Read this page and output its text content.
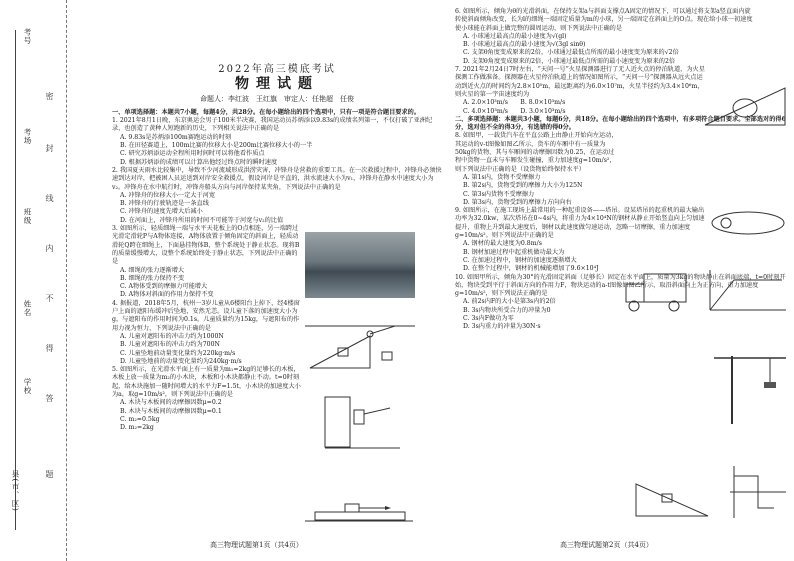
考号
考场
班级
姓名
学校
县(市、区)
密
封
线
内
不
得
答
题
2022年高三模底考试
物理试题
命题人：李红波　王红旗　审定人：任艳超　任俊

一、单项选择题：本题共7小题，每题4分，共28分。在每小题给出的四个选项中，只有一项是符合题目要求的。

1. 2021年8月1日晚，东京奥运会男子100米半决赛，我国运动员苏炳添以9.83s的成绩名列第一，不仅打破了亚洲纪录，也创造了黄种人短跑新的历史，下列相关说法中正确的是

A. 9.83s是苏炳添100m赛跑运动的时刻

B. 在田径赛道上，100m比赛的位移大小是200m比赛位移大小的一半

C. 研究苏炳添运动全程所用时间时可以将他看作质点

D. 根据苏炳添的成绩可以计算出他经过终点时的瞬时速度

2. 我国夏天雨水比较集中，导致不少河流域形成洪涝灾害，冲锋舟是营救的重要工具。在一次救援过程中，冲锋舟必须快速到达对岸，把被困人员运送到对岸安全救援点，假设河岸是平直的，洪水流速大小为v₁，冲锋舟在静水中速度大小为v₂。冲锋舟在水中航行时，冲锋舟船头方向与河岸保持某夹角，下列说法中正确的是

A. 冲锋舟的位移大小一定大于河宽

B. 冲锋舟的行驶轨迹是一条直线

C. 冲锋舟的速度先增大后减小

D. 在河面上，冲锋舟所用的时间不可能等于河宽与v₂的比值

3. 如图所示，轻质细绳一端与水平天花板上的O点相连，另一端跨过光滑定滑轮P与A物体连接，A物体放置于倾角固定的斜面上，轻质动滑轮Q跨在细绳上，下面悬挂物体B，整个系统处于静止状态。现将B的质量缓慢增大，设整个系统始终处于静止状态，下列说法中正确的是

A. 细绳的张力逐渐增大

B. 细绳的张力保持不变

C. A物体受到的摩擦力可能增大

D. A物体对斜面的作用力保持不变

4. 据报道，2018年5月，杭州一3岁儿童从6楼阳台上掉下，经4楼窗户上面的遮阳布缓冲后坠地，安然无恙。设儿童下落的加速度大小为g，与遮阳布的作用时间为0.1s，儿童质量约为15kg，与遮阳布的作用力视为恒力，下列说法中正确的是

A. 儿童对遮阳布的冲击力约为1000N

B. 儿童对遮阳布的冲击力约为700N

C. 儿童坠地前动量变化量约为220kg·m/s

D. 儿童坠地前的动量变化量约为240kg·m/s

5. 如图所示，在光滑水平面上有一质量为m₁=2kg的足够长的木板，木板上放一质量为m₂的小木块，木板和小木块都静止不动。t=0时刻起，给木块施加一随时间增大的水平力F=1.5t，小木块的加速度大小为a，取g=10m/s²，则下列说法中正确的是

A. 木块与木板间的动摩擦因数μ=0.2

B. 木块与木板间的动摩擦因数μ=0.1

C. m₂=0.5kg

D. m₂=2kg

6. 如图所示，倾角为θ的光滑斜面，在保持支架a与斜面支撑点A固定的情况下，可以通过将支架a竖直面内旋转使斜面倾角改变，长为l的细绳一端固定质量为m的小球，另一端固定在斜面上的O点。现在给小球一初速度使小球能在斜面上做完整的圆周运动，则下列说法中正确的是

A. 小球通过最高点的最小速度为√(gl)

B. 小球通过最高点的最小速度为√(3gl sinθ)

C. 支架θ角度变成原来的2倍，小球通过最低点所需的最小速度变为原来的√2倍

D. 支架θ角度变成原来的2倍，小球通过最低点所需的最小速度变为原来的2倍

7. 2021年2月24日7时左右，“天问一号”火星探测器进行了无人近火点的停泊轨道，为火星探测工作做准备。探测器在火星停泊轨道上的情况如图所示，“天问一号”探测器从远火点运动到近火点的时间约为2.8×10⁵m，最远距离约为6.0×10⁷m，火星半径约为3.4×10⁶m，则火星的第一宇宙速度约为

A. 2.0×10³m/s　　B. 8.0×10³m/s

C. 4.0×10³m/s　　D. 3.0×10³m/s

二、多项选择题：本题共3小题，每题6分，共18分。在每小题给出的四个选项中，有多项符合题目要求。全部选对的得6分，选对但不全的得3分，有选错的得0分。

8. 如图甲，一载货汽车在平直公路上由静止开始向左运动，其运动的v-t图像如图乙所示，货车的车厢中有一质量为50kg的货物，其与车厢间的动摩擦因数为0.25，在运动过程中货物一直未与车厢发生碰撞，重力加速度g=10m/s²，则下列说法中正确的是（设货物始终保持水平）

A. 第1s内，货物不受摩擦力

B. 第2s内，货物受到的摩擦力大小为125N

C. 第3s内货物不受摩擦力

D. 第3s内，货物受到的摩擦力方向向右

9. 如图所示，在施工现场上最常用的一种起重设备——塔吊。设某塔吊的起重机的最大输出功率为32.0kw，某次塔吊在0~4s内，将重力为4×10⁴N的钢材从静止开始竖直向上匀加速提升，重物上升到最大速度后，钢材以此速度做匀速运动，忽略一切摩擦，重力加速度g=10m/s²。则下列说法中正确的是

A. 钢材的最大速度为0.8m/s

B. 钢材加速过程中起重机做功最大为

C. 在加速过程中，钢材的加速度逐渐增大

D. 在整个过程中，钢材的机械能增加了9.6×10⁴J

10. 如图甲所示，倾角为30°的光滑固定斜面（足够长）固定在水平面上，质量为3kg的物块静止在斜面底端，t=0时刻开始，物块受到平行于斜面方向的作用力F，物块运动的a-t图像如图乙所示，取沿斜面向上为正方向，重力加速度g=10m/s²，则下列说法正确的是

A. 前2s内F的大小是第3s内的2倍

B. 3s内物块所受合力的冲量为0

C. 3s内F做功为零

D. 3s内重力的冲量为30N·s

高三物理试题第1页（共4页）	高三物理试题第2页（共4页）
